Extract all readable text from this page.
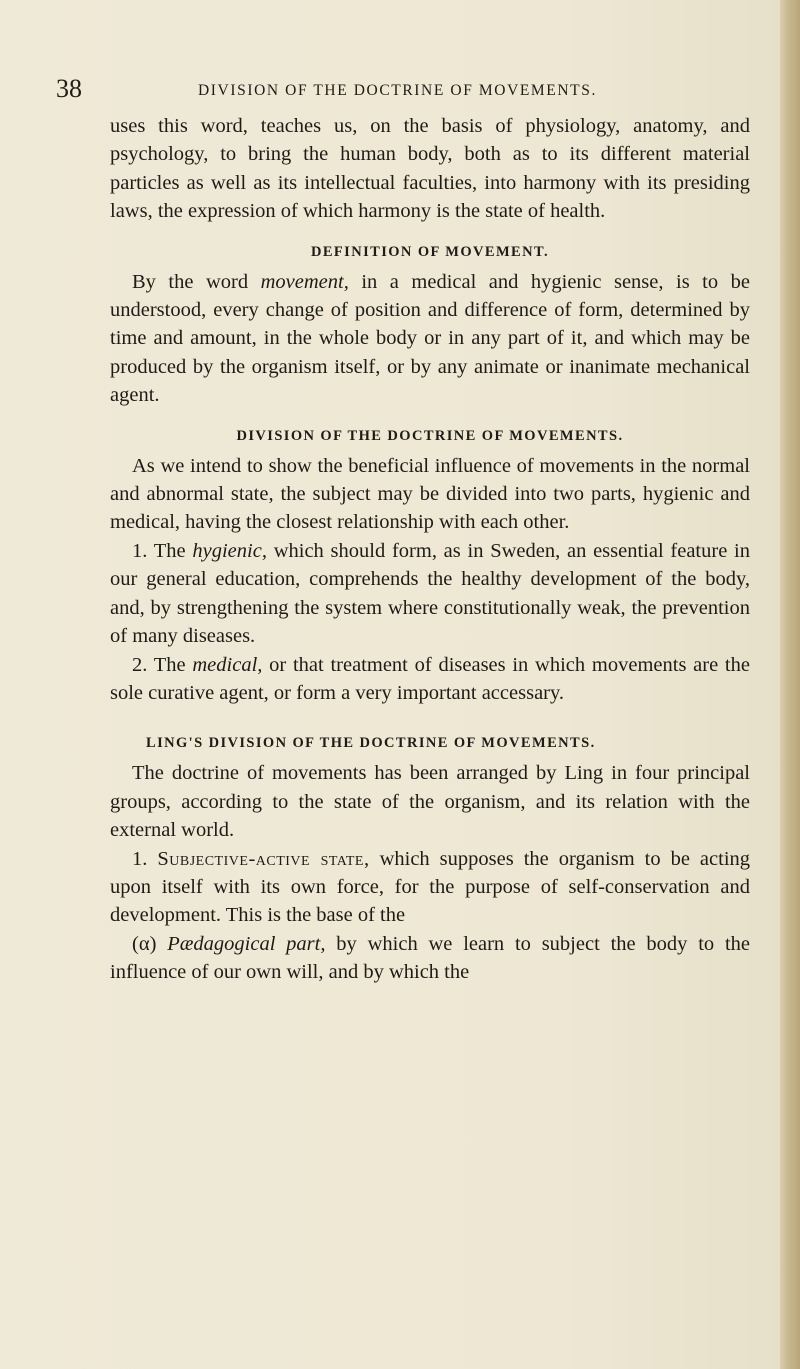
38	DIVISION OF THE DOCTRINE OF MOVEMENTS.

uses this word, teaches us, on the basis of physiology, anatomy, and psychology, to bring the human body, both as to its different material particles as well as its intellectual faculties, into harmony with its presiding laws, the expression of which harmony is the state of health.

DEFINITION OF MOVEMENT.

By the word movement, in a medical and hygienic sense, is to be understood, every change of position and difference of form, determined by time and amount, in the whole body or in any part of it, and which may be produced by the organism itself, or by any animate or inanimate mechanical agent.

DIVISION OF THE DOCTRINE OF MOVEMENTS.

As we intend to show the beneficial influence of movements in the normal and abnormal state, the subject may be divided into two parts, hygienic and medical, having the closest relationship with each other.

1. The hygienic, which should form, as in Sweden, an essential feature in our general education, comprehends the healthy development of the body, and, by strengthening the system where constitutionally weak, the prevention of many diseases.

2. The medical, or that treatment of diseases in which movements are the sole curative agent, or form a very important accessary.

LING'S DIVISION OF THE DOCTRINE OF MOVEMENTS.

The doctrine of movements has been arranged by Ling in four principal groups, according to the state of the organism, and its relation with the external world.

1. Subjective-active state, which supposes the organism to be acting upon itself with its own force, for the purpose of self-conservation and development. This is the base of the

(α) Pædagogical part, by which we learn to subject the body to the influence of our own will, and by which the
